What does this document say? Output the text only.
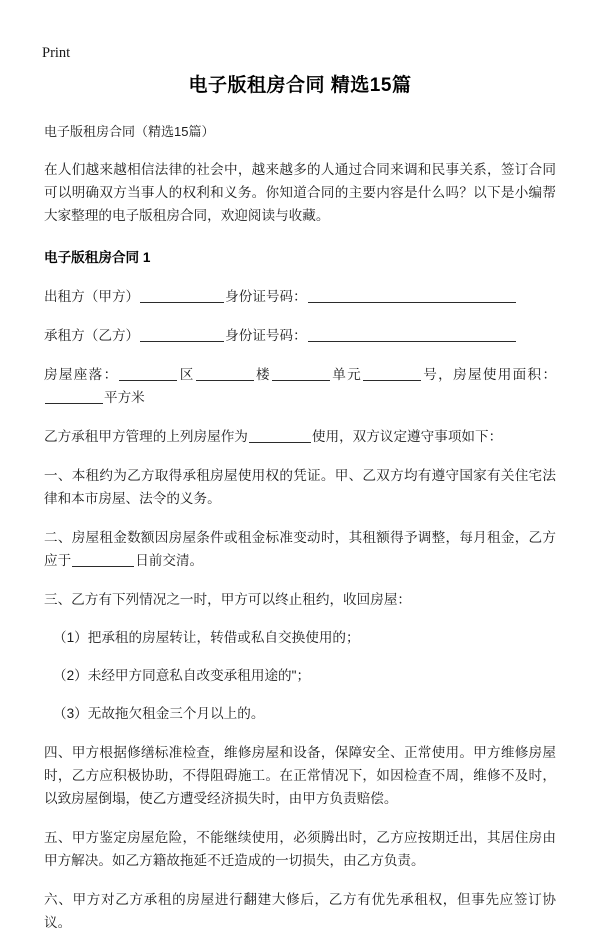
Print
电子版租房合同 精选15篇
电子版租房合同（精选15篇）

在人们越来越相信法律的社会中，越来越多的人通过合同来调和民事关系，签订合同可以明确双方当事人的权利和义务。你知道合同的主要内容是什么吗？以下是小编帮大家整理的电子版租房合同，欢迎阅读与收藏。

电子版租房合同 1

出租方（甲方）	身份证号码：

承租方（乙方）	身份证号码：

房屋座落：	区	楼	单元	号，房屋使用面积：平方米

乙方承租甲方管理的上列房屋作为	使用，双方议定遵守事项如下：

一、本租约为乙方取得承租房屋使用权的凭证。甲、乙双方均有遵守国家有关住宅法律和本市房屋、法令的义务。

二、房屋租金数额因房屋条件或租金标准变动时，其租额得予调整，每月租金，乙方应于	日前交清。

三、乙方有下列情况之一时，甲方可以终止租约，收回房屋：

（1）把承租的房屋转让，转借或私自交换使用的；

（2）未经甲方同意私自改变承租用途的"；

（3）无故拖欠租金三个月以上的。

四、甲方根据修缮标准检查，维修房屋和设备，保障安全、正常使用。甲方维修房屋时，乙方应积极协助，不得阻碍施工。在正常情况下，如因检查不周，维修不及时，以致房屋倒塌，使乙方遭受经济损失时，由甲方负责赔偿。

五、甲方鉴定房屋危险，不能继续使用，必须腾出时，乙方应按期迁出，其居住房由甲方解决。如乙方籍故拖延不迁造成的一切损失，由乙方负责。

六、甲方对乙方承租的房屋进行翻建大修后，乙方有优先承租权，但事先应签订协议。
